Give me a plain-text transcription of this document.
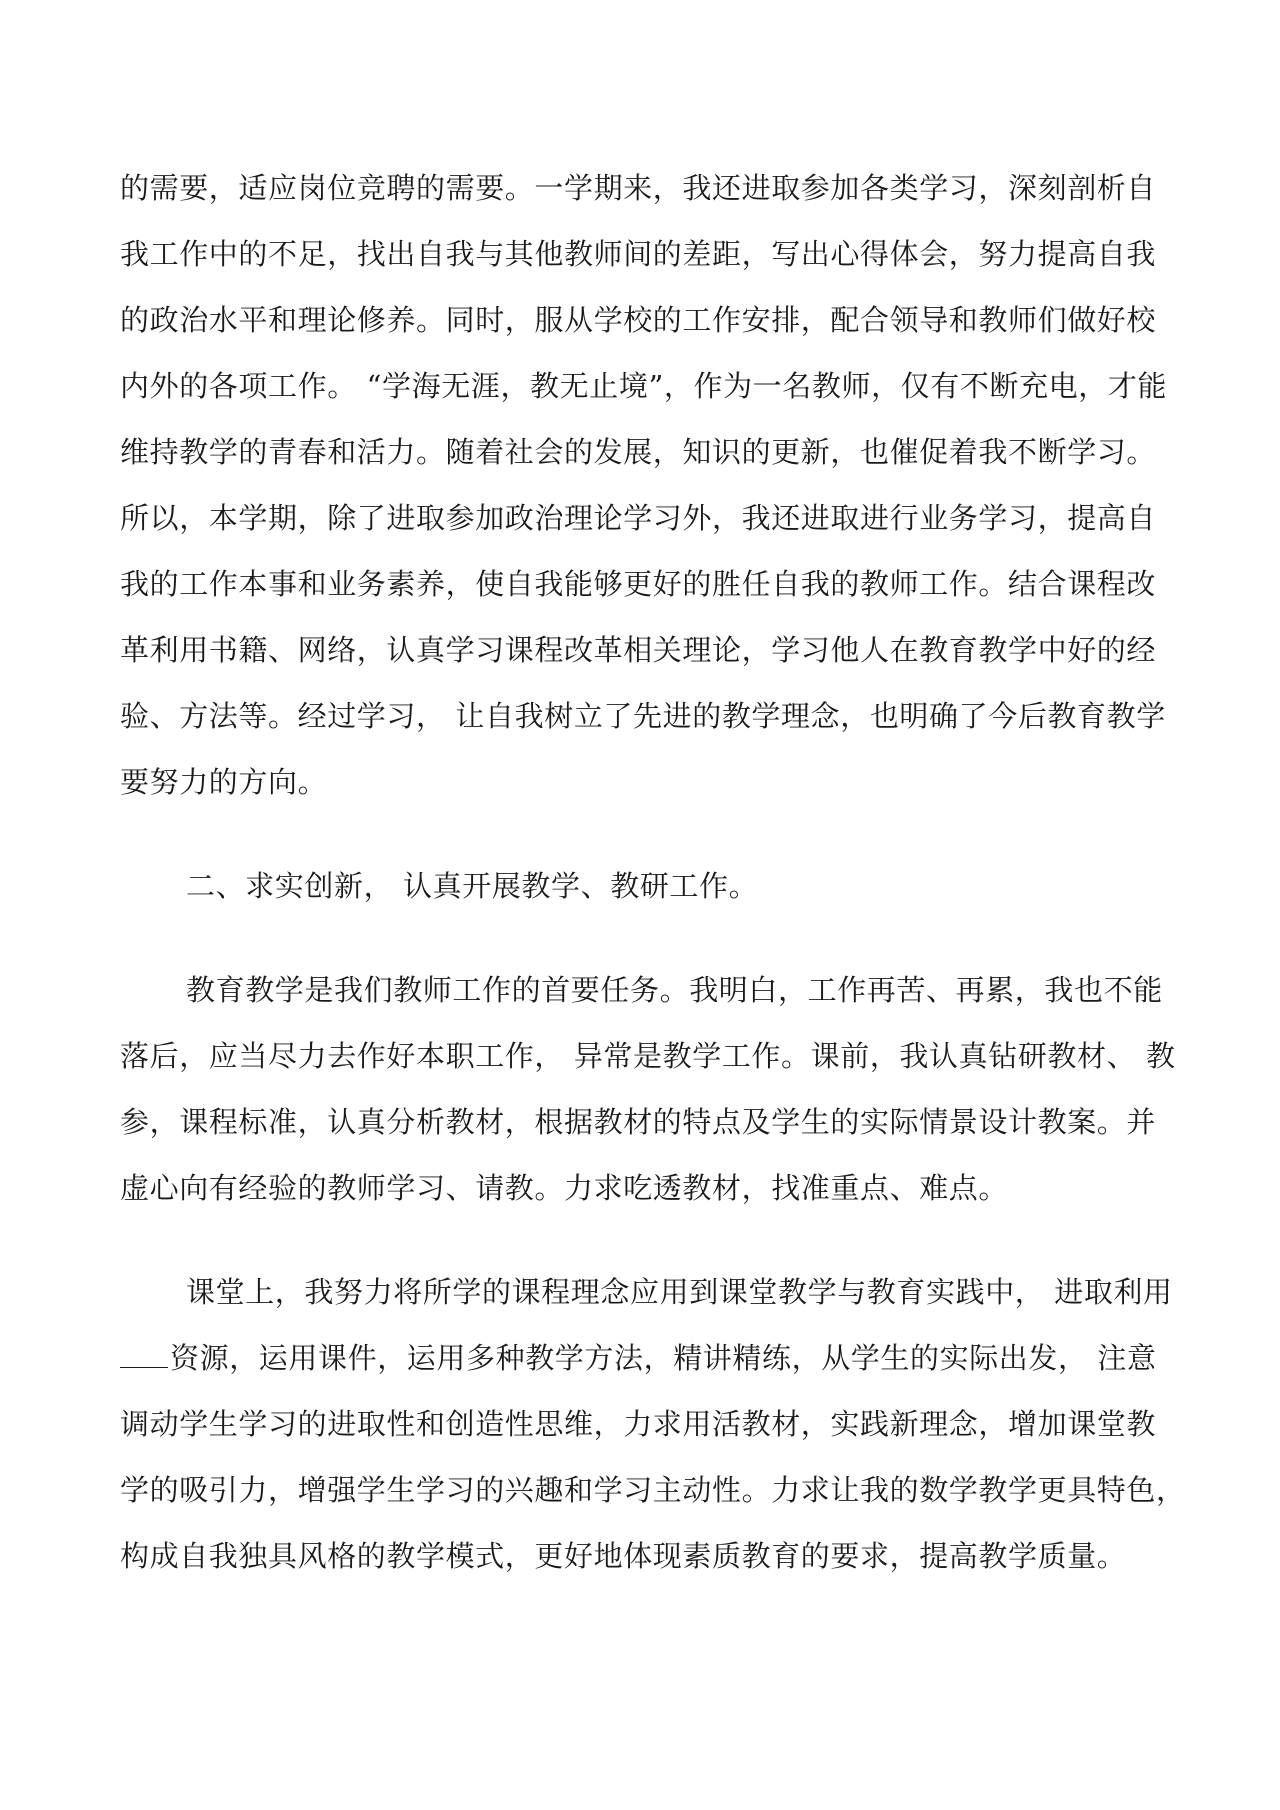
的需要，适应岗位竞聘的需要。一学期来，我还进取参加各类学习，深刻剖析自
我工作中的不足，找出自我与其他教师间的差距，写出心得体会，努力提高自我
的政治水平和理论修养。同时，服从学校的工作安排，配合领导和教师们做好校
内外的各项工作。 “学海无涯，教无止境”，作为一名教师，仅有不断充电，才能
维持教学的青春和活力。随着社会的发展，知识的更新，也催促着我不断学习。
所以，本学期，除了进取参加政治理论学习外，我还进取进行业务学习，提高自
我的工作本事和业务素养，使自我能够更好的胜任自我的教师工作。结合课程改
革利用书籍、网络，认真学习课程改革相关理论，学习他人在教育教学中好的经
验、方法等。经过学习， 让自我树立了先进的教学理念，也明确了今后教育教学
要努力的方向。
二、求实创新， 认真开展教学、教研工作。
教育教学是我们教师工作的首要任务。我明白，工作再苦、再累，我也不能
落后，应当尽力去作好本职工作， 异常是教学工作。课前，我认真钻研教材、 教
参，课程标准，认真分析教材，根据教材的特点及学生的实际情景设计教案。并
虚心向有经验的教师学习、请教。力求吃透教材，找准重点、难点。
课堂上，我努力将所学的课程理念应用到课堂教学与教育实践中， 进取利用
资源，运用课件，运用多种教学方法，精讲精练，从学生的实际出发， 注意
调动学生学习的进取性和创造性思维，力求用活教材，实践新理念，增加课堂教
学的吸引力，增强学生学习的兴趣和学习主动性。力求让我的数学教学更具特色，
构成自我独具风格的教学模式，更好地体现素质教育的要求，提高教学质量。
